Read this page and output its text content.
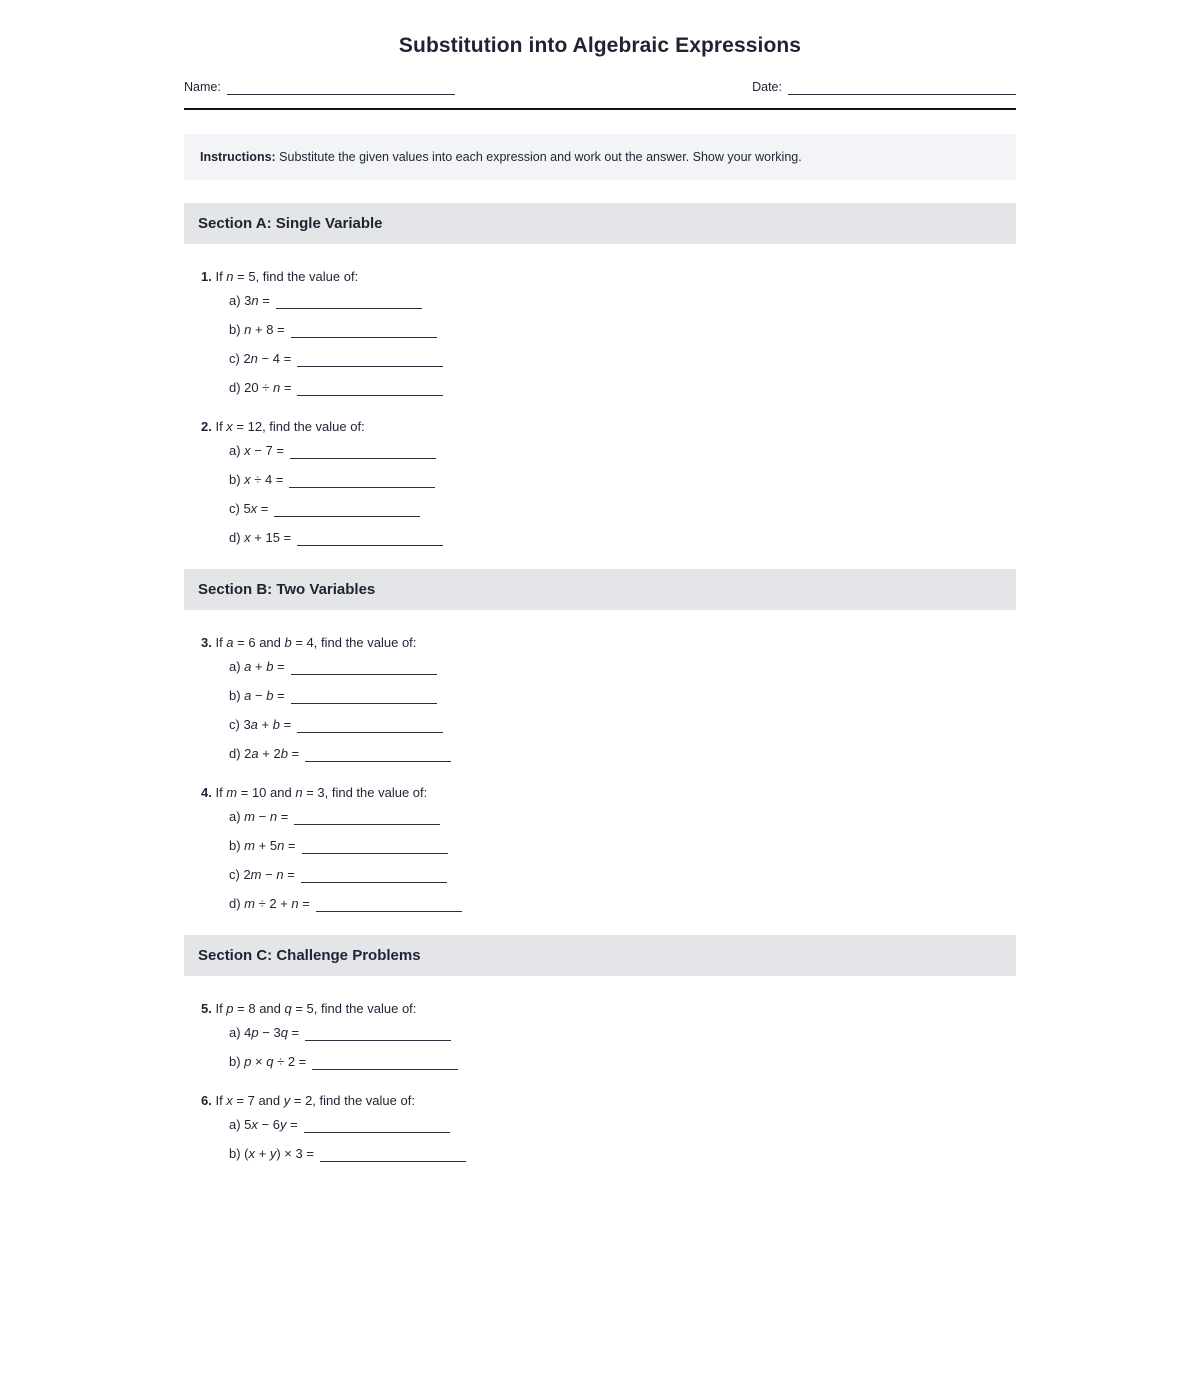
Substitution into Algebraic Expressions
Name:	Date:
Instructions: Substitute the given values into each expression and work out the answer. Show your working.
Section A: Single Variable
1. If n = 5, find the value of:
a) 3n =
b) n + 8 =
c) 2n − 4 =
d) 20 ÷ n =
2. If x = 12, find the value of:
a) x − 7 =
b) x ÷ 4 =
c) 5x =
d) x + 15 =
Section B: Two Variables
3. If a = 6 and b = 4, find the value of:
a) a + b =
b) a − b =
c) 3a + b =
d) 2a + 2b =
4. If m = 10 and n = 3, find the value of:
a) m − n =
b) m + 5n =
c) 2m − n =
d) m ÷ 2 + n =
Section C: Challenge Problems
5. If p = 8 and q = 5, find the value of:
a) 4p − 3q =
b) p × q ÷ 2 =
6. If x = 7 and y = 2, find the value of:
a) 5x − 6y =
b) (x + y) × 3 =
